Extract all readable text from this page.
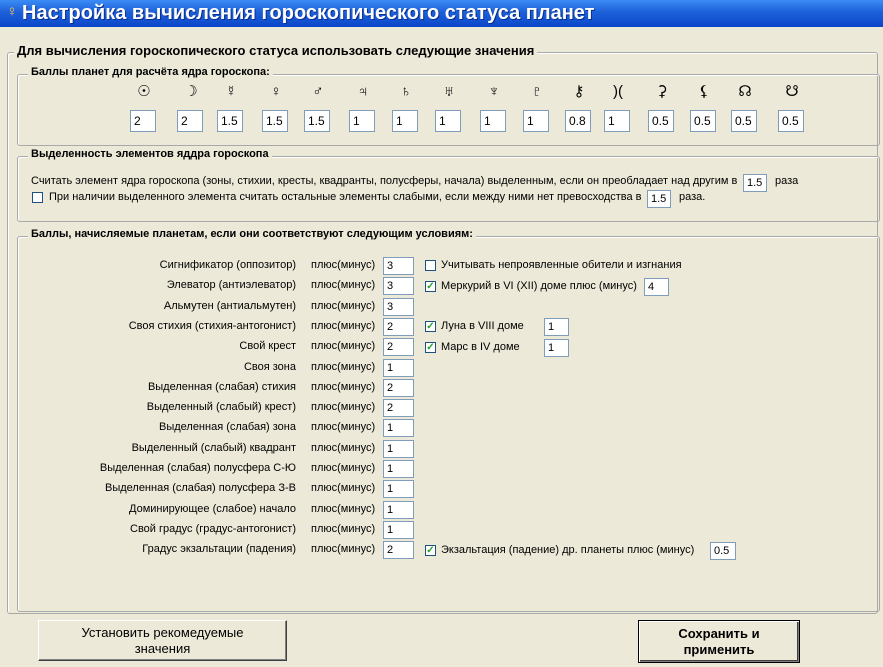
♀ Настройка вычисления гороскопического статуса планет
Для вычисления гороскопического статуса использовать следующие значения
Баллы планет для расчёта ядра гороскопа:
☉	☽	☿	♀	♂	♃	♄	♅	♆	♇	⚷	)(	⚳	⚸	☊	☋
2	2	1.5	1.5	1.5	1	1	1	1	1	0.8	1	0.5	0.5	0.5	0.5
Выделенность элементов яддра гороскопа
Считать элемент ядра гороскопа (зоны, стихии, кресты, квадранты, полусферы, начала) выделенным, если он преобладает над другим в 1.5	раза
При наличии выделенного элемента считать остальные элементы слабыми, если между ними нет превосходства в 1.5	раза.
Баллы, начисляемые планетам, если они соответствуют следующим условиям:
Сигнификатор (оппозитор) плюс(минус)	3
Элеватор (антиэлеватор) плюс(минус)	3
Альмутен (антиальмутен) плюс(минус)	3
Своя стихия (стихия-антогонист) плюс(минус)	2
Свой крест плюс(минус)	2
Своя зона плюс(минус)	1
Выделенная (слабая) стихия плюс(минус)	2
Выделенный (слабый) крест) плюс(минус)	2
Выделенная (слабая) зона плюс(минус)	1
Выделенный (слабый) квадрант плюс(минус)	1
Выделенная (слабая) полусфера С-Ю плюс(минус)	1
Выделенная (слабая) полусфера З-В плюс(минус)	1
Доминирующее (слабое) начало плюс(минус)	1
Свой градус (градус-антогонист) плюс(минус)	1
Градус экзальтации (падения) плюс(минус)	2
Учитывать непроявленные обители и изгнания
✓ Меркурий в VI (XII) доме плюс (минус)	4
✓ Луна в VIII доме	1
✓ Марс в IV доме	1
✓ Экзальтация (падение) др. планеты плюс (минус)	0.5
Установить рекомедуемые
значения
Сохранить и
применить
